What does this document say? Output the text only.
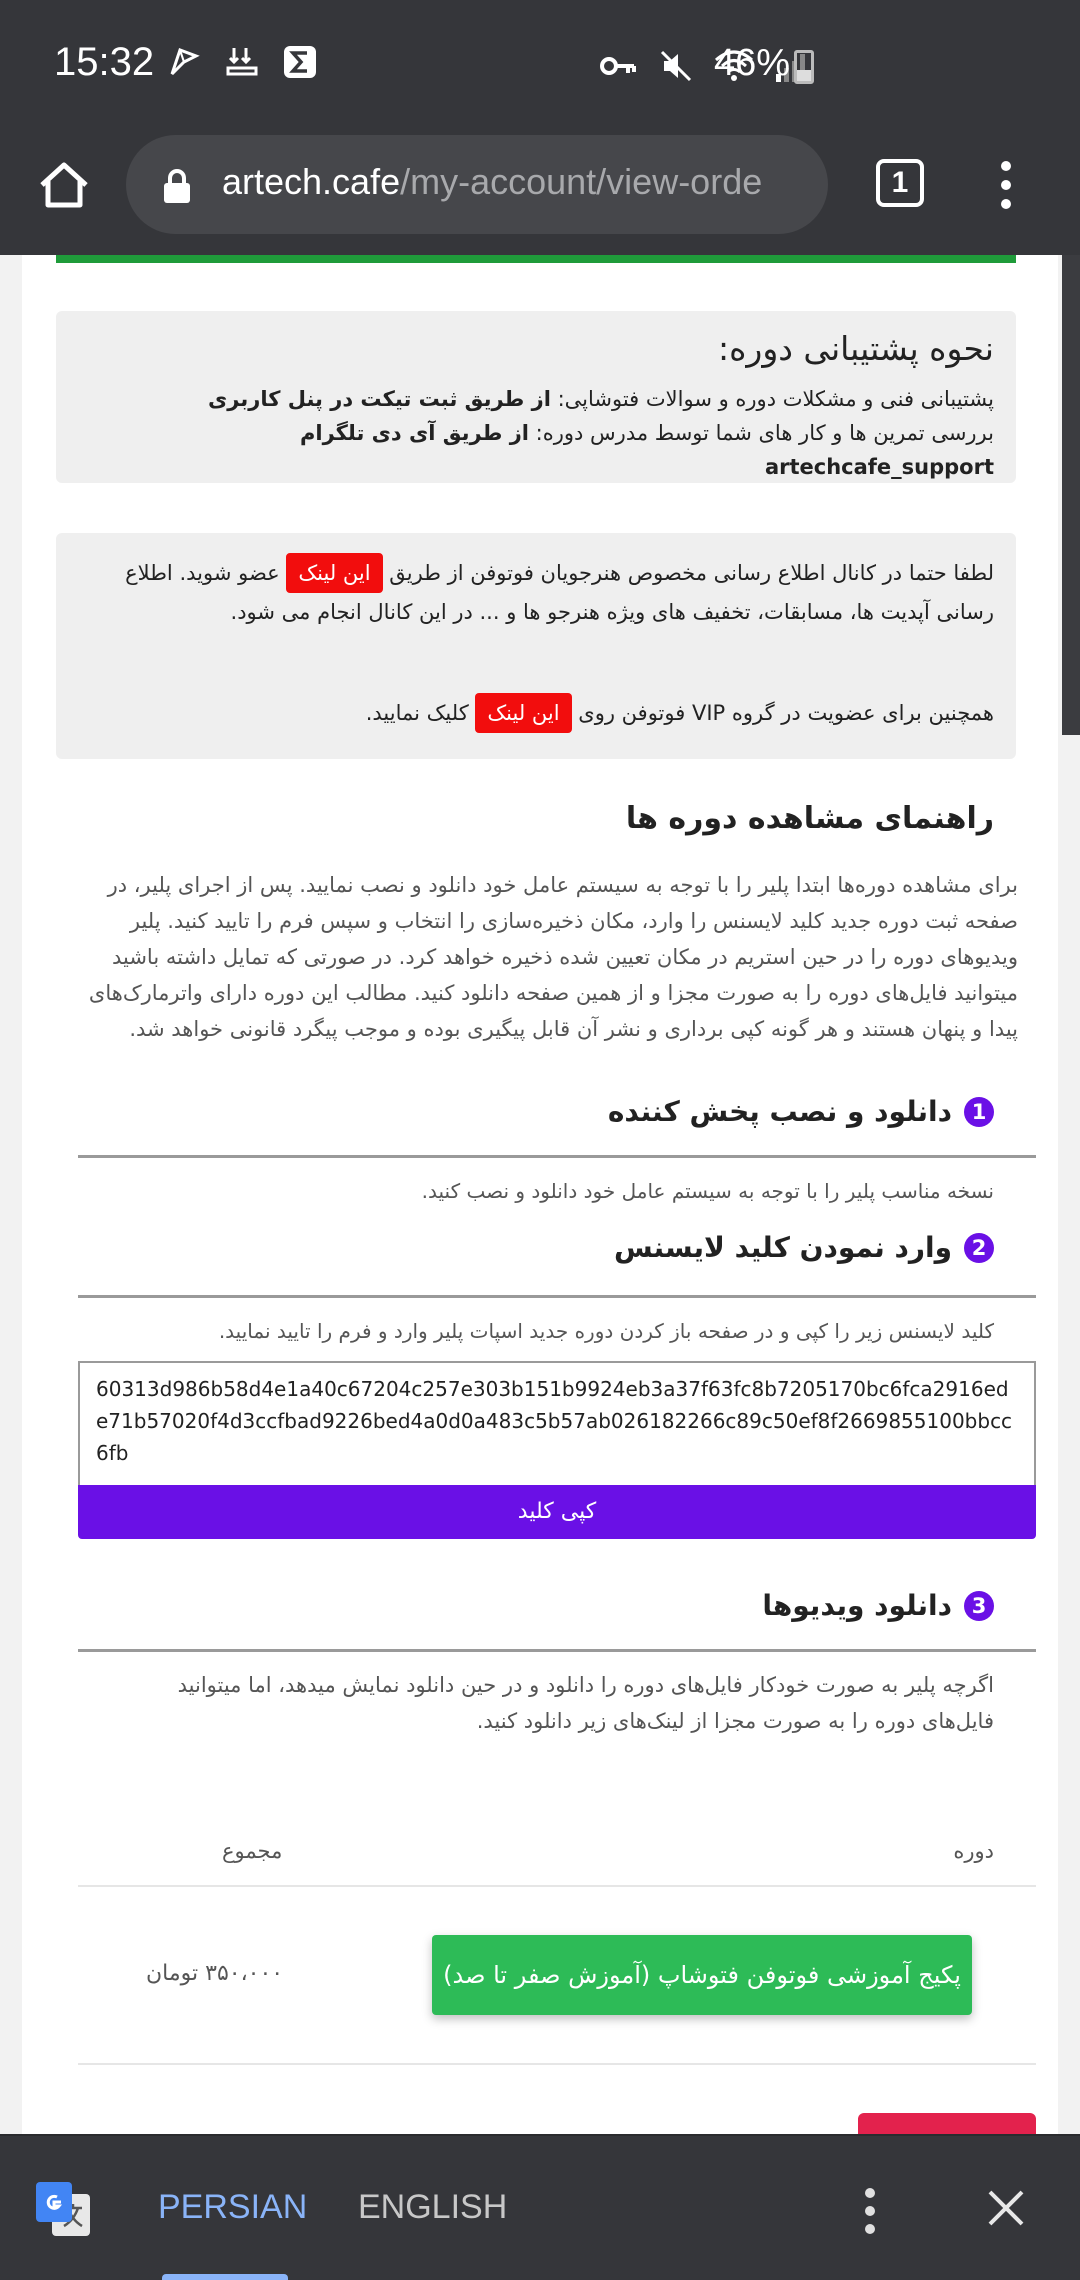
15:32	46%
artech.cafe/my-account/view-orde	1
نحوه پشتیبانی دوره:
پشتیبانی فنی و مشکلات دوره و سوالات فتوشاپی: از طریق ثبت تیکت در پنل کاربری
بررسی تمرین ها و کار های شما توسط مدرس دوره: از طریق آی دی تلگرام artechcafe_support
لطفا حتما در کانال اطلاع رسانی مخصوص هنرجویان فوتوفن از طریق این لینک عضو شوید. اطلاع رسانی آپدیت ها، مسابقات، تخفیف های ویژه هنرجو ها و ... در این کانال انجام می شود.
همچنین برای عضویت در گروه VIP فوتوفن روی این لینک کلیک نمایید.
راهنمای مشاهده دوره ها
برای مشاهده دوره‌ها ابتدا پلیر را با توجه به سیستم عامل خود دانلود و نصب نمایید. پس از اجرای پلیر، در صفحه ثبت دوره جدید کلید لایسنس را وارد، مکان ذخیره‌سازی را انتخاب و سپس فرم را تایید کنید. پلیر ویدیوهای دوره را در حین استریم در مکان تعیین شده ذخیره خواهد کرد. در صورتی که تمایل داشته باشید میتوانید فایل‌های دوره را به صورت مجزا و از همین صفحه دانلود کنید. مطالب این دوره دارای واترمارک‌های پیدا و پنهان هستند و هر گونه کپی برداری و نشر آن قابل پیگیری بوده و موجب پیگرد قانونی خواهد شد.
1
دانلود و نصب پخش کننده
نسخه مناسب پلیر را با توجه به سیستم عامل خود دانلود و نصب کنید.
2
وارد نمودن کلید لایسنس
کلید لایسنس زیر را کپی و در صفحه باز کردن دوره جدید اسپات پلیر وارد و فرم را تایید نمایید.
60313d986b58d4e1a40c67204c257e303b151b9924eb3a37f63fc8b7205170bc6fca2916ede71b57020f4d3ccfbad9226bed4a0d0a483c5b57ab026182266c89c50ef8f2669855100bbcc6fb
کپی کلید
3
دانلود ویدیوها
اگرچه پلیر به صورت خودکار فایل‌های دوره را دانلود و در حین دانلود نمایش میدهد، اما میتوانید فایل‌های دوره را به صورت مجزا از لینک‌های زیر دانلود کنید.
دوره
مجموع
پکیج آموزشی فوتوفن فتوشاپ (آموزش صفر تا صد)
۳۵۰،۰۰۰ تومان
PERSIAN ENGLISH
